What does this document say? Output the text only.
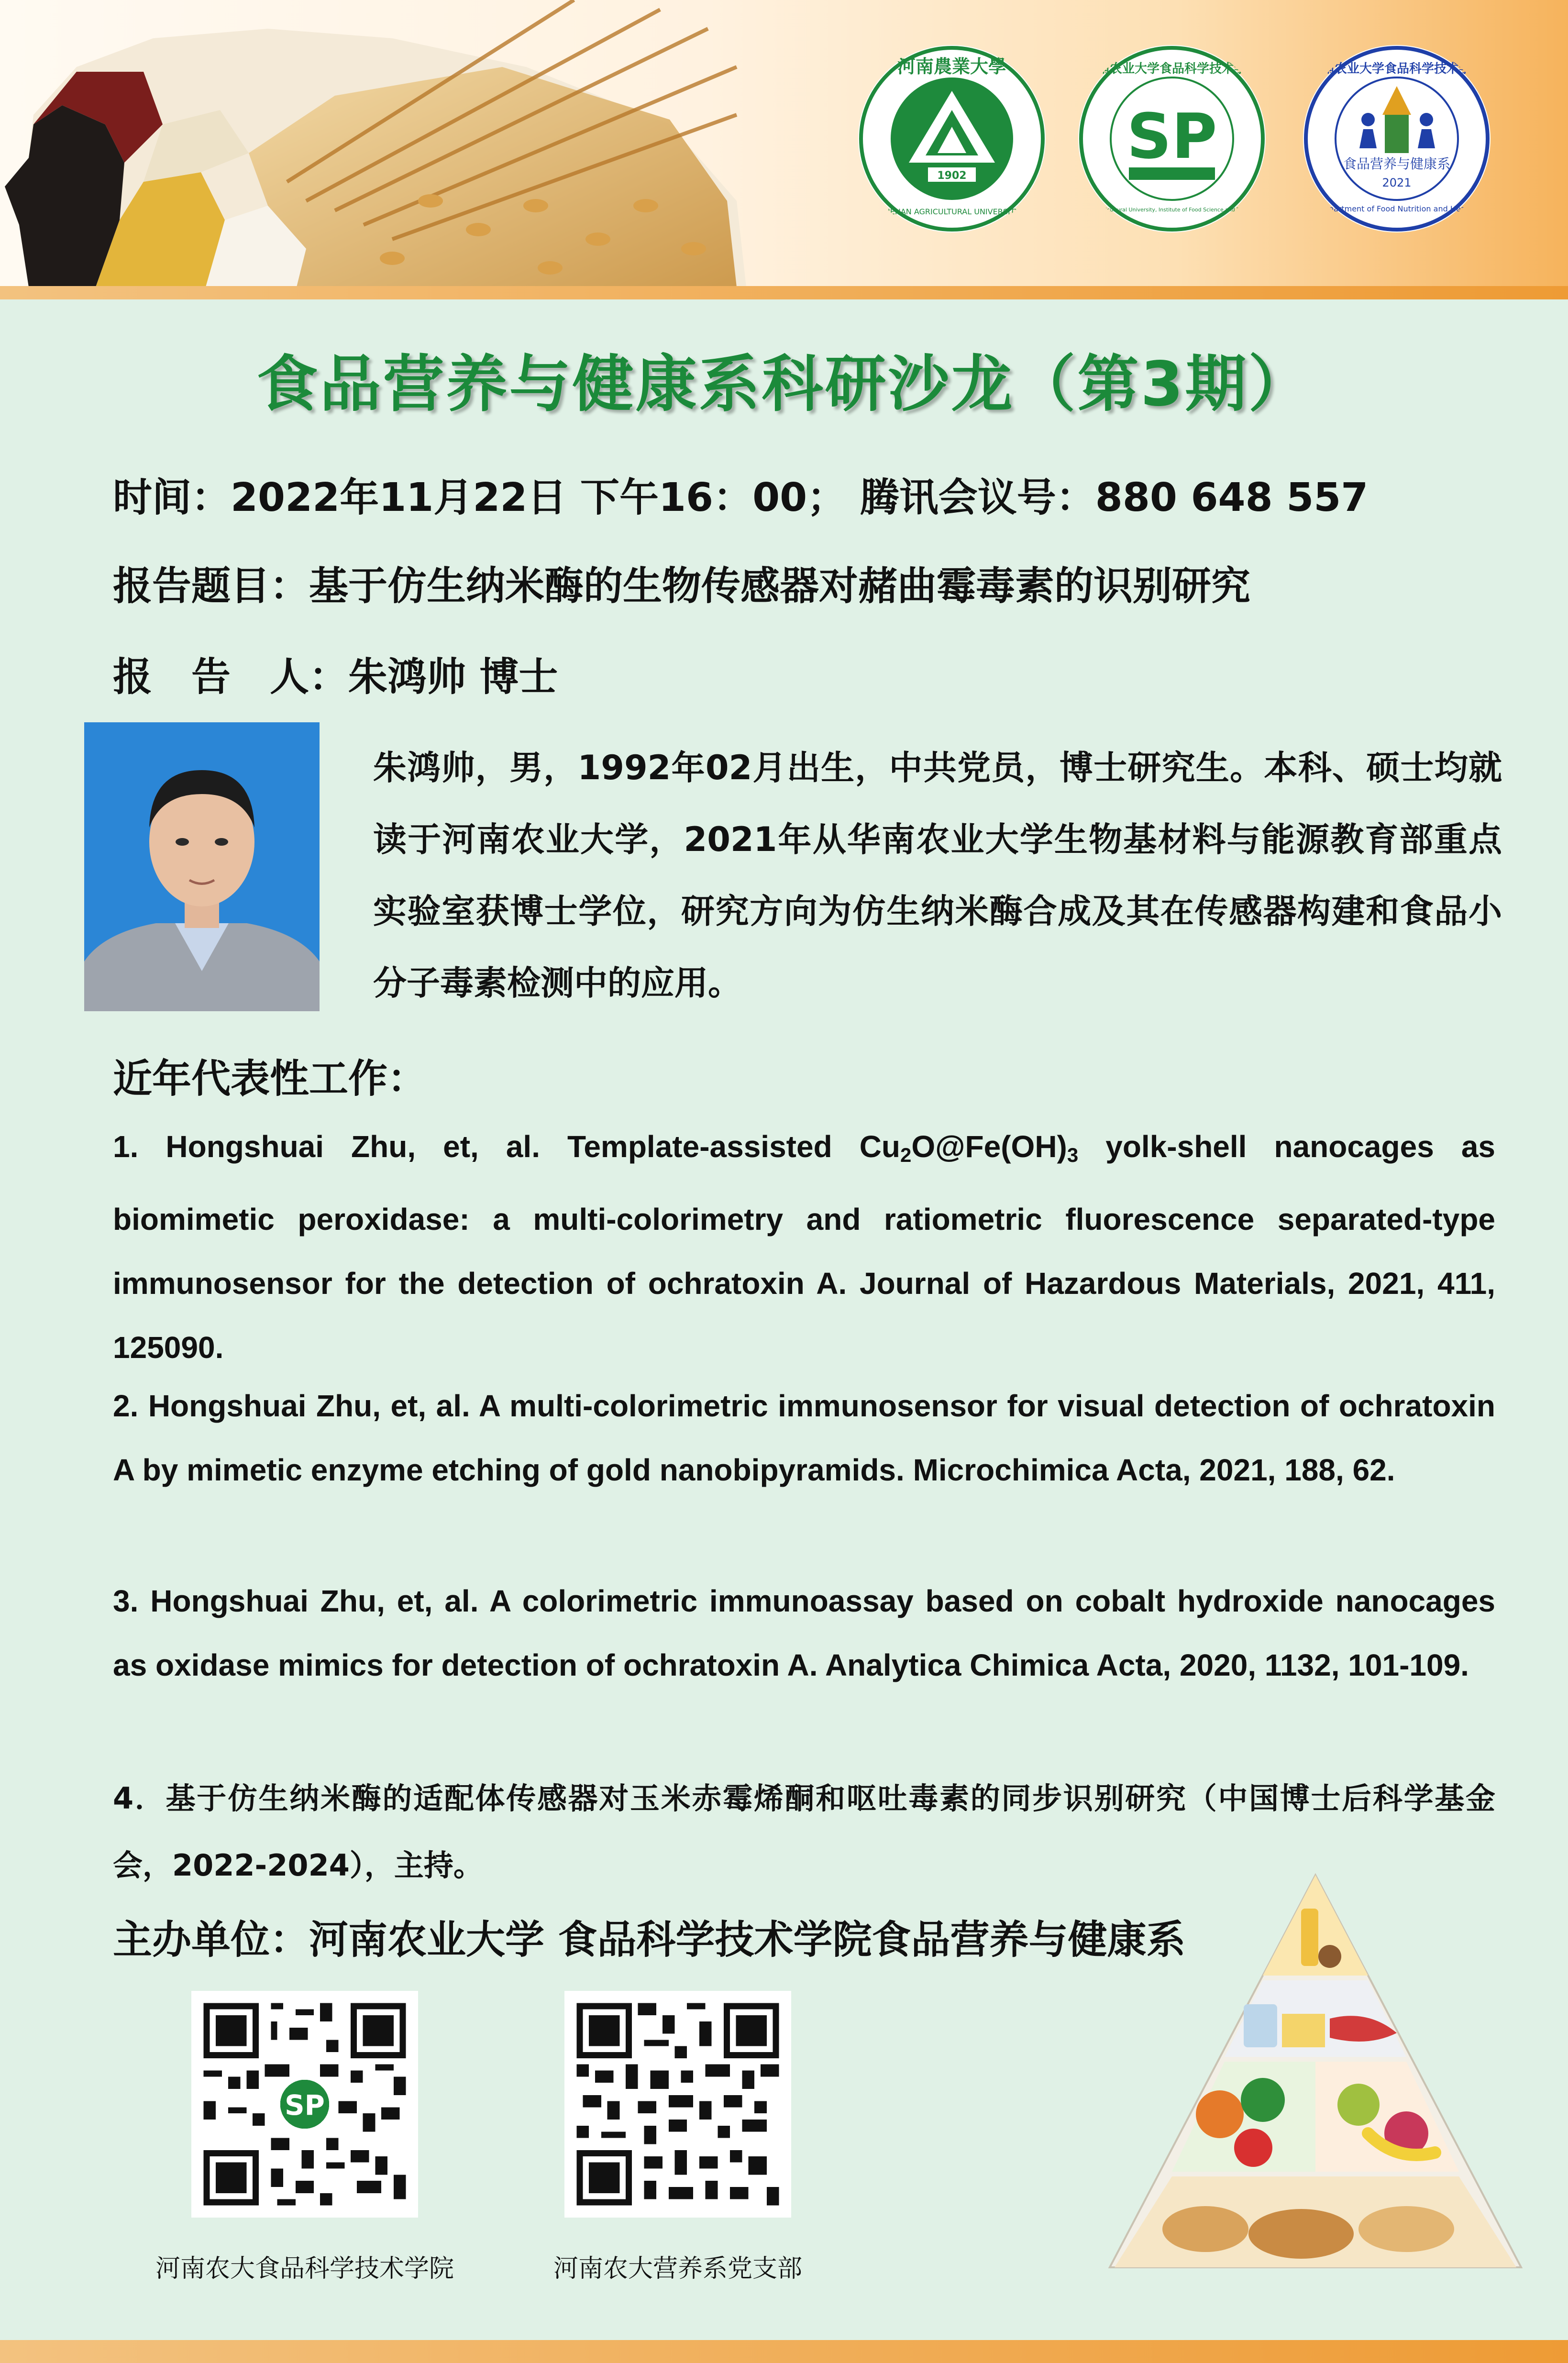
1902
河南農業大學
HENAN AGRICULTURAL UNIVERSITY
SP
河南农业大学食品科学技术学院
Henan Agricultural University, Institute of Food Science and Technology
食品营养与健康系
2021
河南农业大学食品科学技术学院
Department of Food Nutrition and Health
食品营养与健康系科研沙龙（第3期）
时间：2022年11月22日 下午16：00； 腾讯会议号：880 648 557
报告题目：基于仿生纳米酶的生物传感器对赭曲霉毒素的识别研究
报　告　人：朱鸿帅 博士
朱鸿帅，男，1992年02月出生，中共党员，博士研究生。本科、硕士均就读于河南农业大学，2021年从华南农业大学生物基材料与能源教育部重点实验室获博士学位，研究方向为仿生纳米酶合成及其在传感器构建和食品小分子毒素检测中的应用。
近年代表性工作：
1. Hongshuai Zhu, et, al. Template-assisted $Cu_2O@Fe(OH)_3$ yolk-shell nanocages as biomimetic peroxidase: a multi-colorimetry and ratiometric fluorescence separated-type immunosensor for the detection of ochratoxin A. Journal of Hazardous Materials, 2021, 411, 125090.
2. Hongshuai Zhu, et, al. A multi-colorimetric immunosensor for visual detection of ochratoxin A by mimetic enzyme etching of gold nanobipyramids. Microchimica Acta, 2021, 188, 62.
3. Hongshuai Zhu, et, al. A colorimetric immunoassay based on cobalt hydroxide nanocages as oxidase mimics for detection of ochratoxin A. Analytica Chimica Acta, 2020, 1132, 101-109.
4．基于仿生纳米酶的适配体传感器对玉米赤霉烯酮和呕吐毒素的同步识别研究（中国博士后科学基金会，2022-2024），主持。
主办单位：河南农业大学 食品科学技术学院食品营养与健康系
SP
河南农大食品科学技术学院	河南农大营养系党支部
